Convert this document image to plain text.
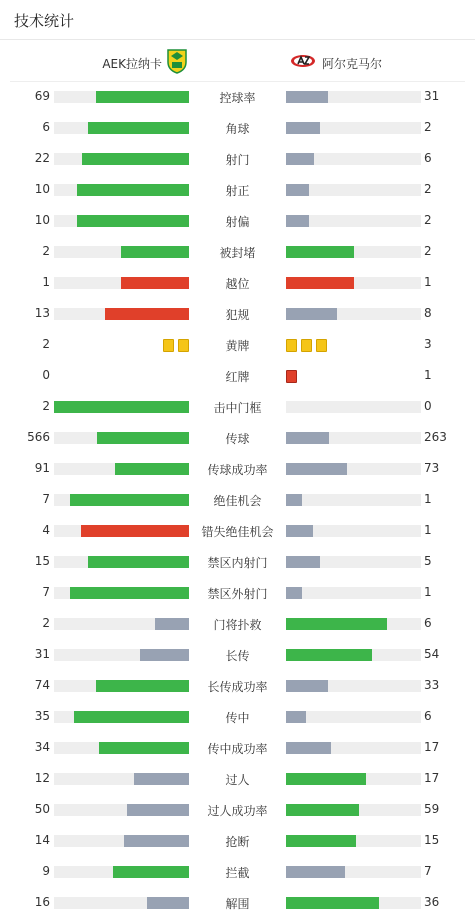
技术统计
AEK拉纳卡	阿尔克马尔
69	控球率	31
6	角球	2
22	射门	6
10	射正	2
10	射偏	2
2	被封堵	2
1	越位	1
13	犯规	8
2	黄牌	3
0	红牌	1
2	击中门框	0
566	传球	263
91	传球成功率	73
7	绝佳机会	1
4	错失绝佳机会	1
15	禁区内射门	5
7	禁区外射门	1
2	门将扑救	6
31	长传	54
74	长传成功率	33
35	传中	6
34	传中成功率	17
12	过人	17
50	过人成功率	59
14	抢断	15
9	拦截	7
16	解围	36
